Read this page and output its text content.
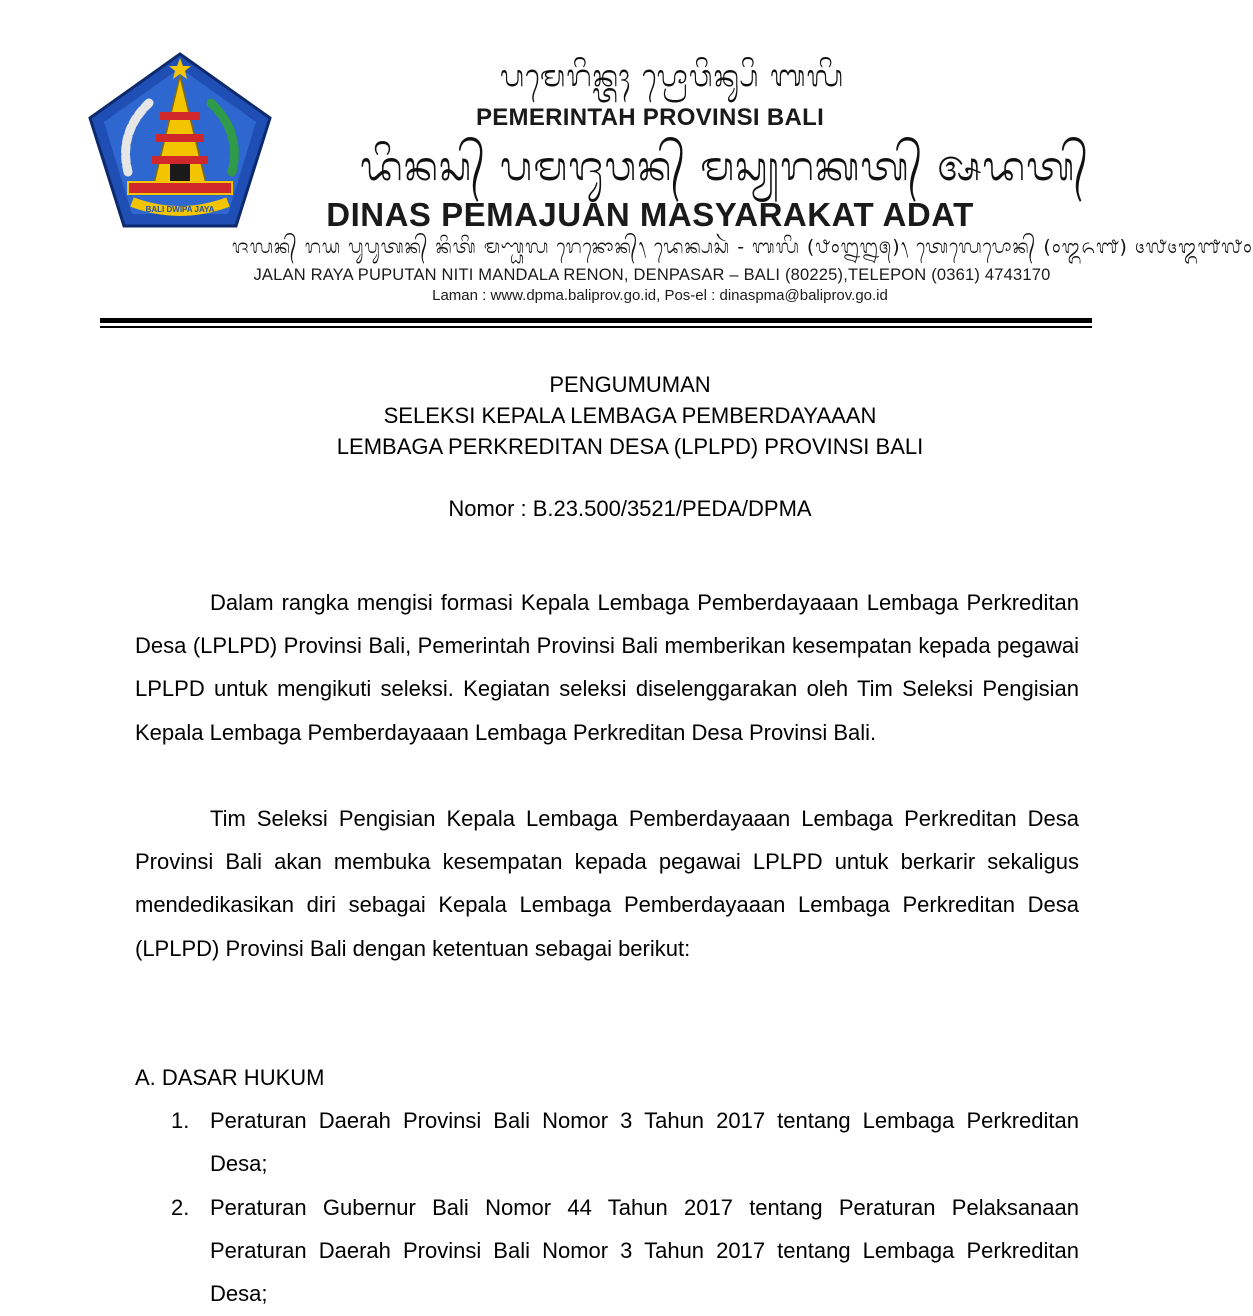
BALI DWIPA JAYA
ᬧᬫᬾᬭᬶᬦ᭄ᬢᬄ ᬧ᭄ᬭᭀᬯᬶᬦ᭄ᬲᬶ ᬩᬮᬶ
PEMERINTAH PROVINSI BALI
ᬤᬶᬦᬲ᭄ ᬧᬫᬚᬸᬯᬦ᭄ ᬫᬲ᭄ᬬᬭᬓᬢ᭄ ᬅᬤᬢ᭄
DINAS PEMAJUAN MASYARAKAT ADAT
ᬚᬮᬦ᭄ ᬭᬬ ᬧᬸᬧᬸᬢᬦ᭄ ᬦᬶᬢᬶ ᬫᬡ᭄ᬟᬮ ᬭᬾᬦᭀᬦ᭄᭞ ᬤᬾᬦ᭄ᬧᬲᬃ - ᬩᬮᬶ (᭘᭐᭒᭒᭕)᭞ ᬢᬾᬮᬾᬧᭀᬦ᭄ (᭐᭓᭖᭑) ᭔᭗᭔᭓᭑᭗᭐
JALAN RAYA PUPUTAN NITI MANDALA RENON, DENPASAR – BALI (80225),TELEPON (0361) 4743170
Laman : www.dpma.baliprov.go.id, Pos-el : dinaspma@baliprov.go.id
PENGUMUMAN
SELEKSI KEPALA LEMBAGA PEMBERDAYAAAN
LEMBAGA PERKREDITAN DESA (LPLPD) PROVINSI BALI
Nomor : B.23.500/3521/PEDA/DPMA
Dalam rangka mengisi formasi Kepala Lembaga Pemberdayaaan Lembaga Perkreditan Desa (LPLPD) Provinsi Bali, Pemerintah Provinsi Bali memberikan kesempatan kepada pegawai LPLPD untuk mengikuti seleksi. Kegiatan seleksi diselenggarakan oleh Tim Seleksi Pengisian Kepala Lembaga Pemberdayaaan Lembaga Perkreditan Desa Provinsi Bali.
Tim Seleksi Pengisian Kepala Lembaga Pemberdayaaan Lembaga Perkreditan Desa Provinsi Bali akan membuka kesempatan kepada pegawai LPLPD untuk berkarir sekaligus mendedikasikan diri sebagai Kepala Lembaga Pemberdayaaan Lembaga Perkreditan Desa (LPLPD) Provinsi Bali dengan ketentuan sebagai berikut:
A. DASAR HUKUM
1. Peraturan Daerah Provinsi Bali Nomor 3 Tahun 2017 tentang Lembaga Perkreditan Desa;
2. Peraturan Gubernur Bali Nomor 44 Tahun 2017 tentang Peraturan Pelaksanaan Peraturan Daerah Provinsi Bali Nomor 3 Tahun 2017 tentang Lembaga Perkreditan Desa;
